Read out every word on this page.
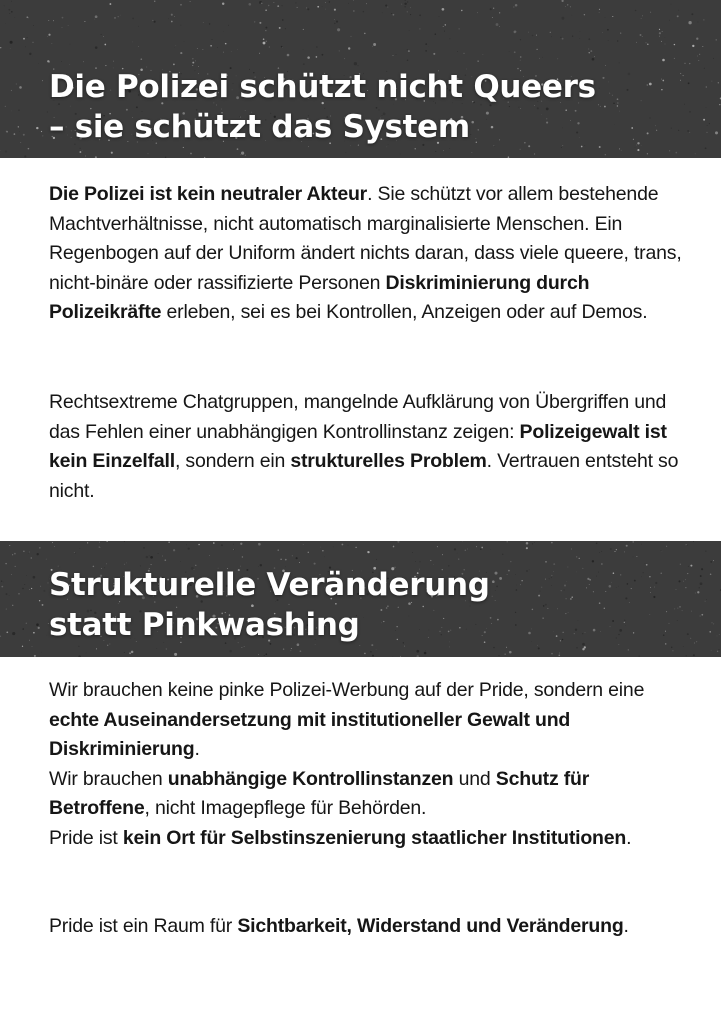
Die Polizei schützt nicht Queers
– sie schützt das System

Die Polizei ist kein neutraler Akteur. Sie schützt vor allem bestehende Machtverhältnisse, nicht automatisch marginalisierte Menschen. Ein Regenbogen auf der Uniform ändert nichts daran, dass viele queere, trans, nicht-binäre oder rassifizierte Personen Diskriminierung durch Polizeikräfte erleben, sei es bei Kontrollen, Anzeigen oder auf Demos.

Rechtsextreme Chatgruppen, mangelnde Aufklärung von Übergriffen und das Fehlen einer unabhängigen Kontrollinstanz zeigen: Polizeigewalt ist kein Einzelfall, sondern ein strukturelles Problem. Vertrauen entsteht so nicht.

Strukturelle Veränderung
statt Pinkwashing

Wir brauchen keine pinke Polizei-Werbung auf der Pride, sondern eine echte Auseinandersetzung mit institutioneller Gewalt und Diskriminierung.
Wir brauchen unabhängige Kontrollinstanzen und Schutz für Betroffene, nicht Imagepflege für Behörden.
Pride ist kein Ort für Selbstinszenierung staatlicher Institutionen.

Pride ist ein Raum für Sichtbarkeit, Widerstand und Veränderung.
